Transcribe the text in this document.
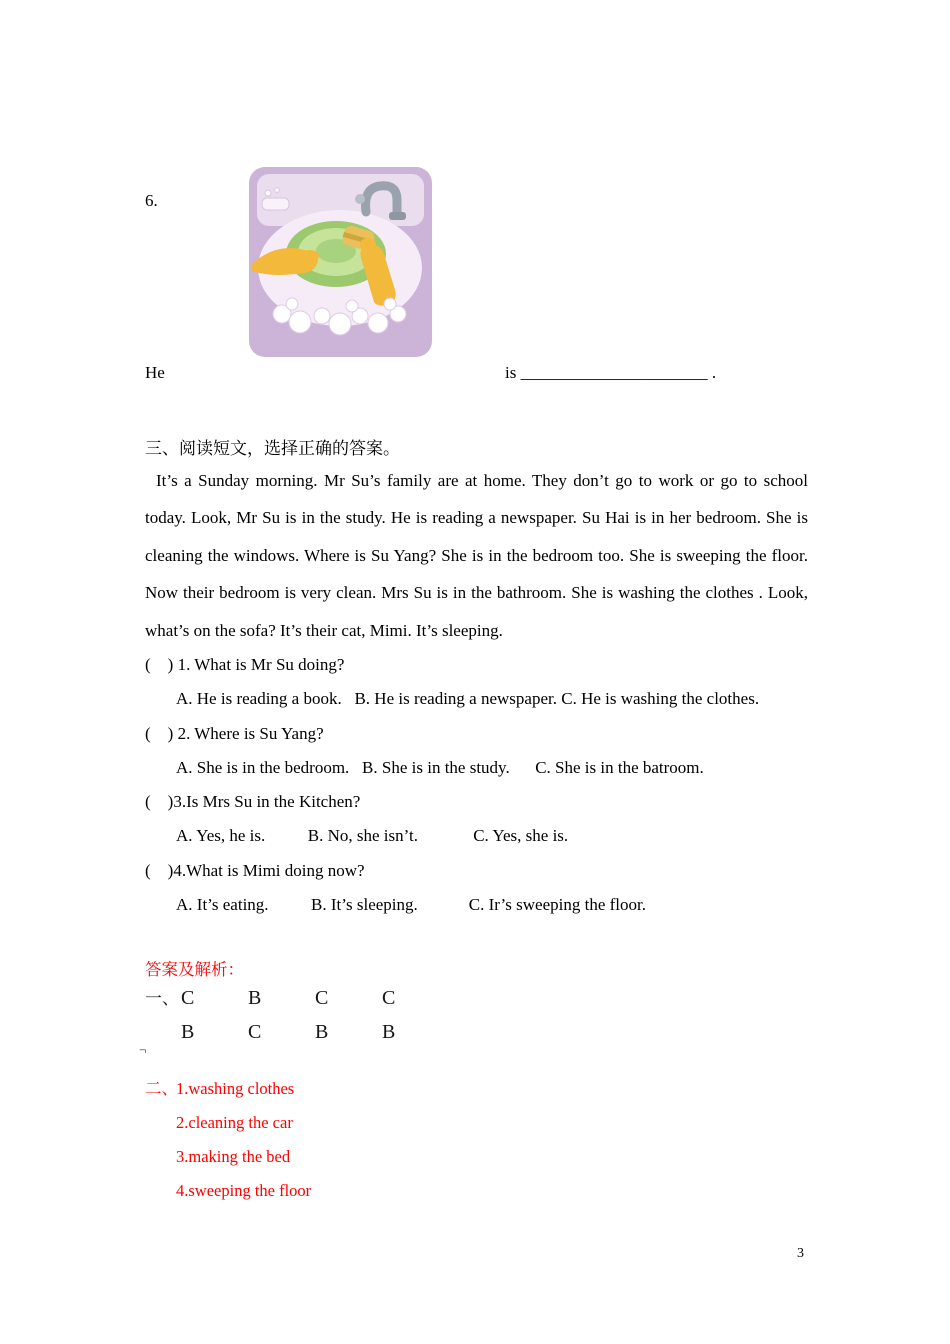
6.
He	is ______________________ .
三、阅读短文，选择正确的答案。
It’s a Sunday morning. Mr Su’s family are at home. They don’t go to work or go to school today. Look, Mr Su is in the study. He is reading a newspaper. Su Hai is in her bedroom. She is cleaning the windows. Where is Su Yang? She is in the bedroom too. She is sweeping the floor. Now their bedroom is very clean. Mrs Su is in the bathroom. She is washing the clothes . Look, what’s on the sofa? It’s their cat, Mimi. It’s sleeping.
(    ) 1. What is Mr Su doing?
A. He is reading a book.   B. He is reading a newspaper. C. He is washing the clothes.
(    ) 2. Where is Su Yang?
A. She is in the bedroom.   B. She is in the study.      C. She is in the batroom.
(    )3.Is Mrs Su in the Kitchen?
A. Yes, he is.          B. No, she isn’t.             C. Yes, she is.
(    )4.What is Mimi doing now?
A. It’s eating.          B. It’s sleeping.            C. Ir’s sweeping the floor.
答案及解析：
一、 C	B	C	C
B	C	B	B
¬
二、1.washing clothes
2.cleaning the car
3.making the bed
4.sweeping the floor
3
